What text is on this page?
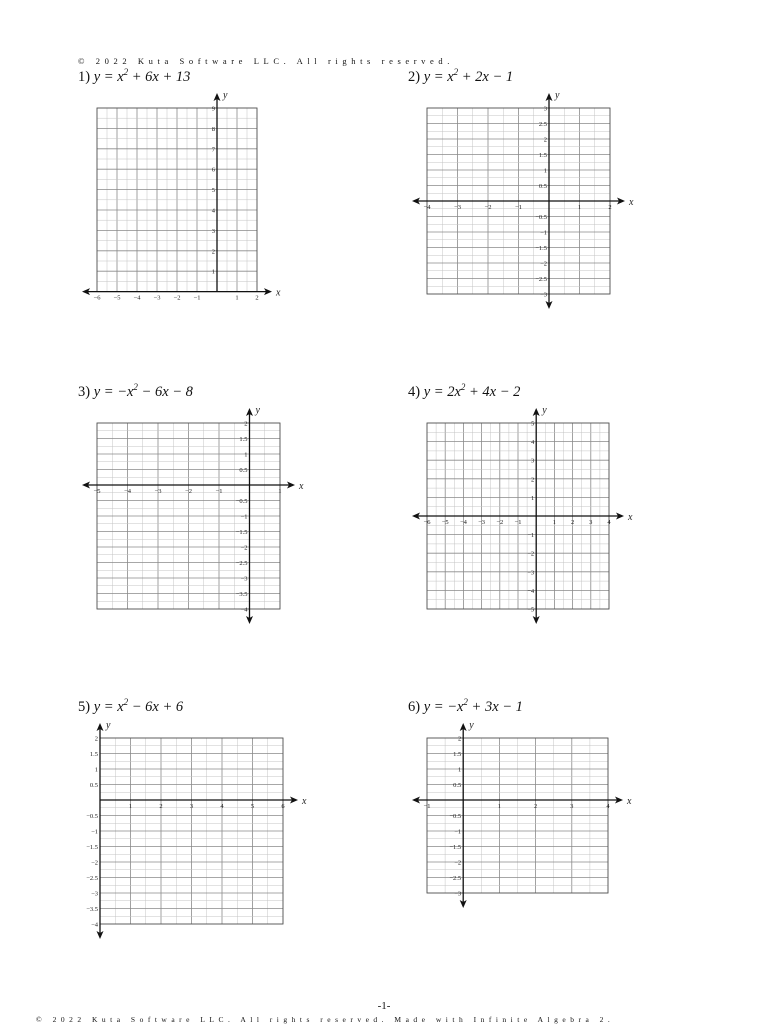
© 2022 Kuta Software LLC. All rights reserved.
1) $y = x^2 + 6x + 13$
x
y
−6 −5 −4 −3 −2 −1	1	2
1
2
3
4
5
6
7
8
9
2) $y = x^2 + 2x - 1$
x
y
−4	−3	−2	−1	1	2
−3
−2.5
−2
−1.5
−1
−0.5
0.5
1
1.5
2
2.5
3
3) $y = -x^2 - 6x - 8$
x
y
−5	−4	−3	−2	−1	1
−4
−3.5
−3
−2.5
−2
−1.5
−1
−0.5
0.5
1
1.5
2
4) $y = 2x^2 + 4x - 2$
x
y
−6 −5 −4 −3 −2 −1	1 2 3 4
−5
−4
−3
−2
−1
1
2
3
4
5
5) $y = x^2 - 6x + 6$
x
y
1	2	3	4	5	6
−4
−3.5
−3
−2.5
−2
−1.5
−1
−0.5
0.5
1
1.5
2
6) $y = -x^2 + 3x - 1$
x
y
−1	1	2	3	4
−3
−2.5
−2
−1.5
−1
−0.5
0.5
1
1.5
2
-1-
© 2022 Kuta Software LLC. All rights reserved. Made with Infinite Algebra 2.
